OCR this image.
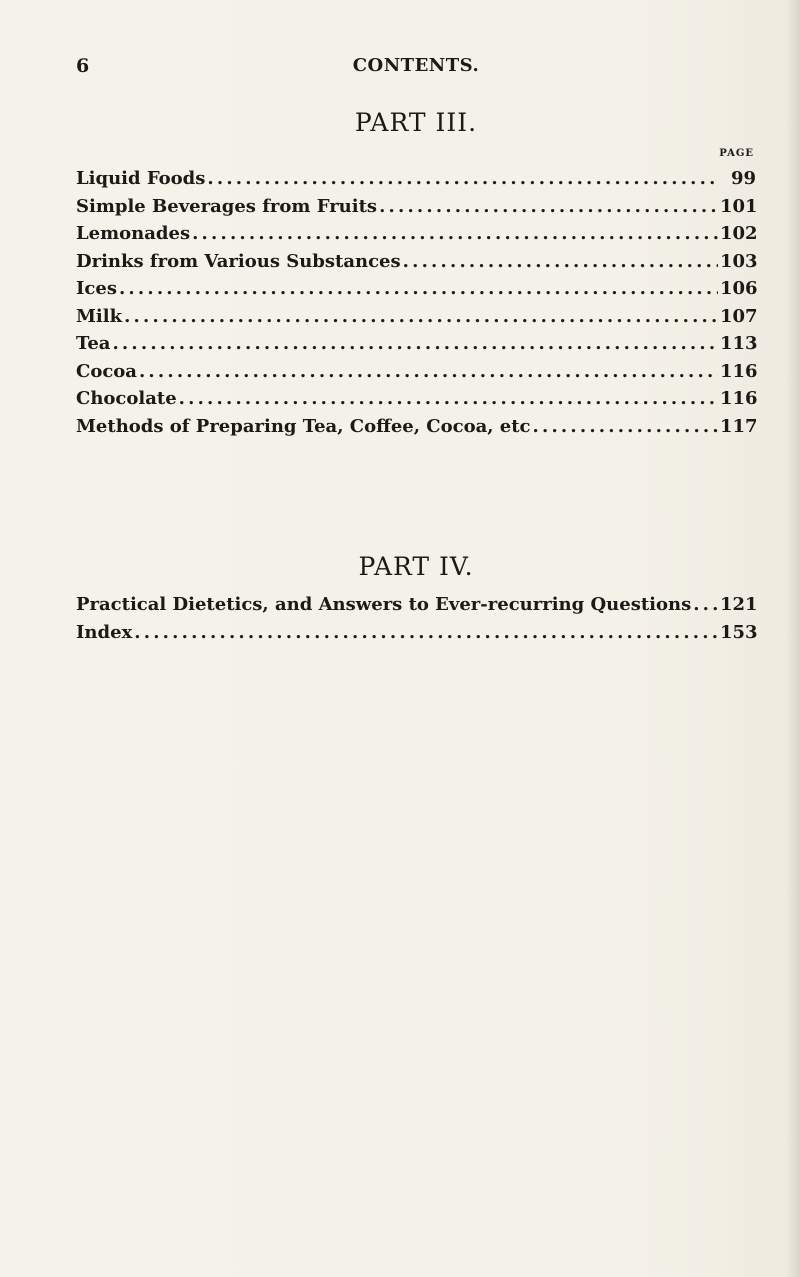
6	CONTENTS.
PART III.
PAGE
Liquid Foods .....	99
Simple Beverages from Fruits .....	101
Lemonades .....	102
Drinks from Various Substances .....	103
Ices .....	106
Milk .....	107
Tea .....	113
Cocoa .....	116
Chocolate .....	116
Methods of Preparing Tea, Coffee, Cocoa, etc .....	117
PART IV.
Practical Dietetics, and Answers to Ever-recurring Questions ..... 121
Index .....	153
